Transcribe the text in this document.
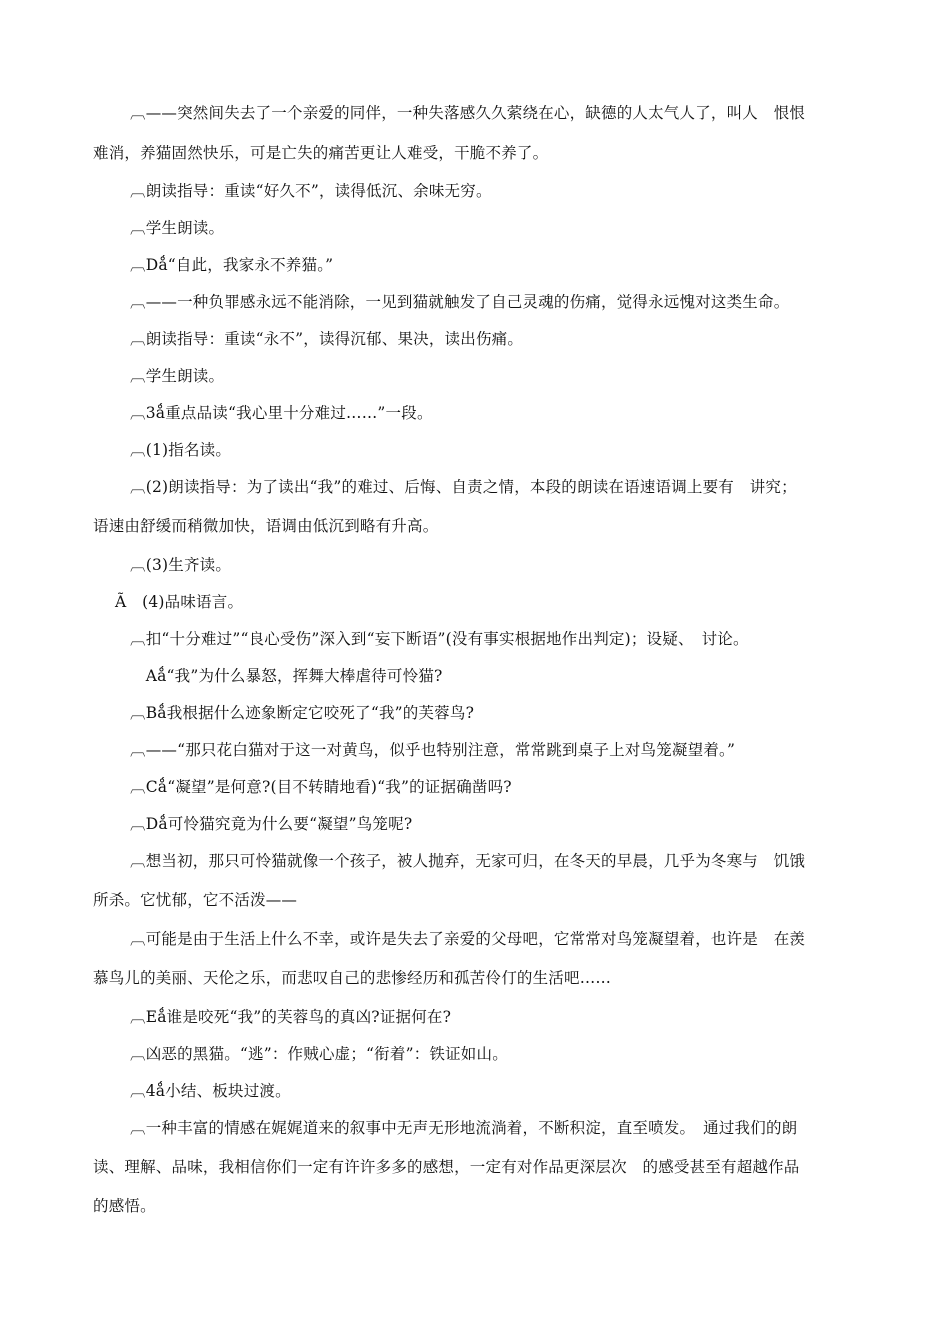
︹——突然间失去了一个亲爱的同伴，一种失落感久久萦绕在心，缺德的人太气人了，叫人　恨恨
难消，养猫固然快乐，可是亡失的痛苦更让人难受，干脆不养了。
︹朗读指导：重读“好久不”，读得低沉、余味无穷。
︹学生朗读。
︹Dǻ“自此，我家永不养猫。”
︹——一种负罪感永远不能消除，一见到猫就触发了自己灵魂的伤痛，觉得永远愧对这类生命。
︹朗读指导：重读“永不”，读得沉郁、果决，读出伤痛。
︹学生朗读。
︹3ǻ重点品读“我心里十分难过……”一段。
︹(1)指名读。
︹(2)朗读指导：为了读出“我”的难过、后悔、自责之情，本段的朗读在语速语调上要有　讲究；
语速由舒缓而稍微加快，语调由低沉到略有升高。
︹(3)生齐读。
Ã　(4)品味语言。
︹扣“十分难过”“良心受伤”深入到“妄下断语”(没有事实根据地作出判定)；设疑、　讨论。
　Aǻ“我”为什么暴怒，挥舞大棒虐待可怜猫?
︹Bǻ我根据什么迹象断定它咬死了“我”的芙蓉鸟?
︹——“那只花白猫对于这一对黄鸟，似乎也特别注意，常常跳到桌子上对鸟笼凝望着。”
︹Cǻ“凝望”是何意?(目不转睛地看)“我”的证据确凿吗?
︹Dǻ可怜猫究竟为什么要“凝望”鸟笼呢?
︹想当初，那只可怜猫就像一个孩子，被人抛弃，无家可归，在冬天的早晨，几乎为冬寒与　饥饿
所杀。它忧郁，它不活泼——
︹可能是由于生活上什么不幸，或许是失去了亲爱的父母吧，它常常对鸟笼凝望着，也许是　在羡
慕鸟儿的美丽、天伦之乐，而悲叹自己的悲惨经历和孤苦伶仃的生活吧……
︹Eǻ谁是咬死“我”的芙蓉鸟的真凶?证据何在?
︹凶恶的黑猫。“逃”：作贼心虚；“衔着”：铁证如山。
︹4ǻ小结、板块过渡。
︹一种丰富的情感在娓娓道来的叙事中无声无形地流淌着，不断积淀，直至喷发。　通过我们的朗
读、理解、品味，我相信你们一定有许许多多的感想，一定有对作品更深层次　的感受甚至有超越作品
的感悟。
